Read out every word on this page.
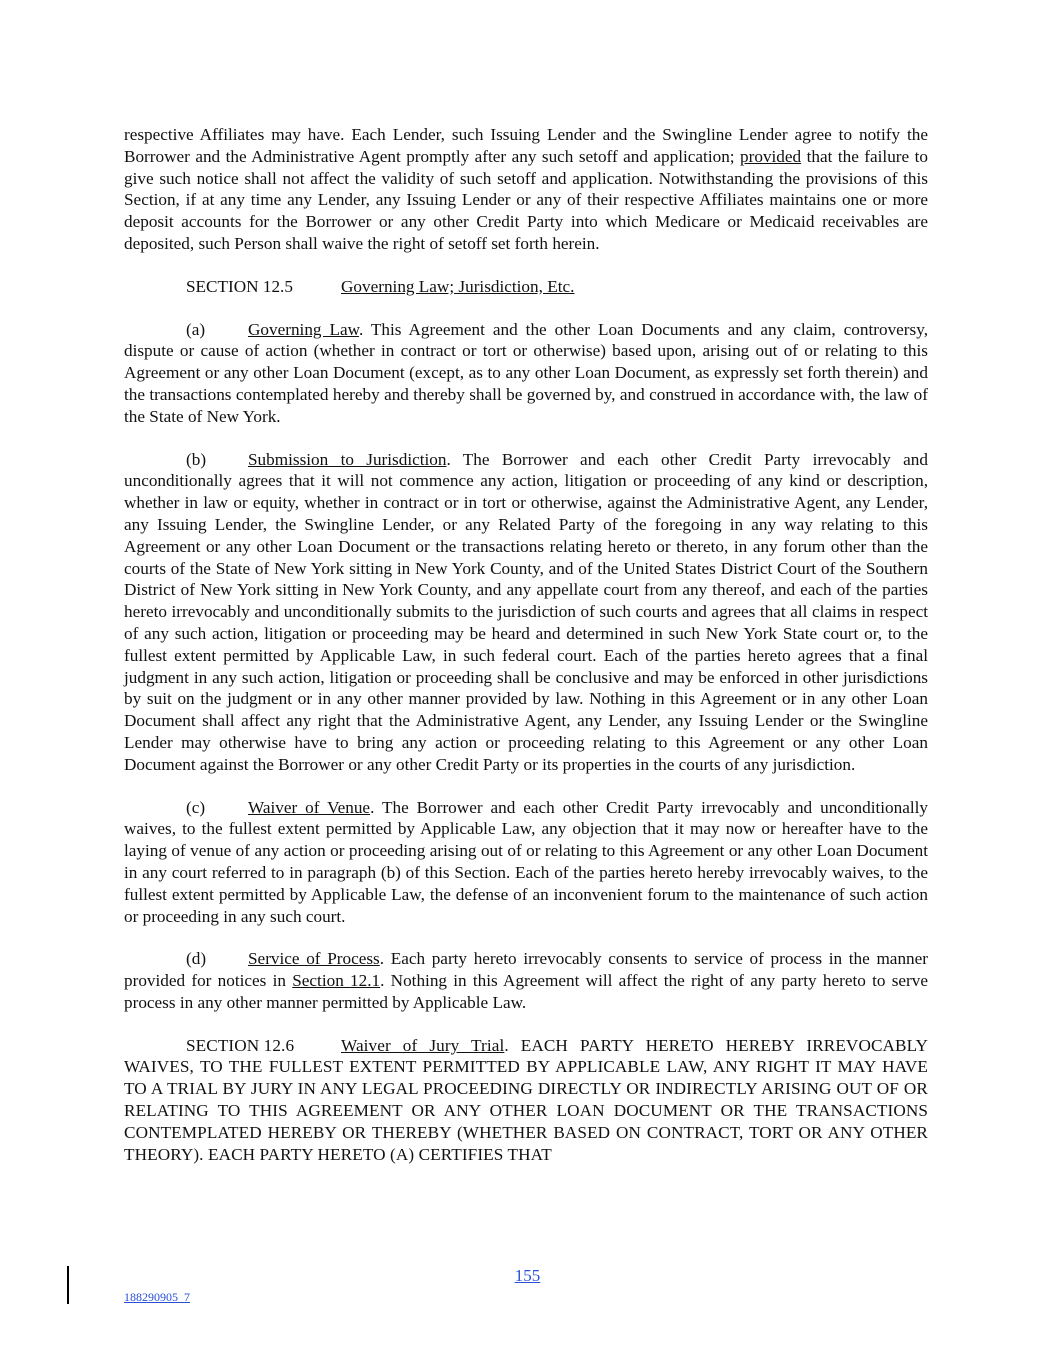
respective Affiliates may have. Each Lender, such Issuing Lender and the Swingline Lender agree to notify the Borrower and the Administrative Agent promptly after any such setoff and application; provided that the failure to give such notice shall not affect the validity of such setoff and application. Notwithstanding the provisions of this Section, if at any time any Lender, any Issuing Lender or any of their respective Affiliates maintains one or more deposit accounts for the Borrower or any other Credit Party into which Medicare or Medicaid receivables are deposited, such Person shall waive the right of setoff set forth herein.

SECTION 12.5	Governing Law; Jurisdiction, Etc.

(a) Governing Law. This Agreement and the other Loan Documents and any claim, controversy, dispute or cause of action (whether in contract or tort or otherwise) based upon, arising out of or relating to this Agreement or any other Loan Document (except, as to any other Loan Document, as expressly set forth therein) and the transactions contemplated hereby and thereby shall be governed by, and construed in accordance with, the law of the State of New York.

(b) Submission to Jurisdiction. The Borrower and each other Credit Party irrevocably and unconditionally agrees that it will not commence any action, litigation or proceeding of any kind or description, whether in law or equity, whether in contract or in tort or otherwise, against the Administrative Agent, any Lender, any Issuing Lender, the Swingline Lender, or any Related Party of the foregoing in any way relating to this Agreement or any other Loan Document or the transactions relating hereto or thereto, in any forum other than the courts of the State of New York sitting in New York County, and of the United States District Court of the Southern District of New York sitting in New York County, and any appellate court from any thereof, and each of the parties hereto irrevocably and unconditionally submits to the jurisdiction of such courts and agrees that all claims in respect of any such action, litigation or proceeding may be heard and determined in such New York State court or, to the fullest extent permitted by Applicable Law, in such federal court. Each of the parties hereto agrees that a final judgment in any such action, litigation or proceeding shall be conclusive and may be enforced in other jurisdictions by suit on the judgment or in any other manner provided by law. Nothing in this Agreement or in any other Loan Document shall affect any right that the Administrative Agent, any Lender, any Issuing Lender or the Swingline Lender may otherwise have to bring any action or proceeding relating to this Agreement or any other Loan Document against the Borrower or any other Credit Party or its properties in the courts of any jurisdiction.

(c) Waiver of Venue. The Borrower and each other Credit Party irrevocably and unconditionally waives, to the fullest extent permitted by Applicable Law, any objection that it may now or hereafter have to the laying of venue of any action or proceeding arising out of or relating to this Agreement or any other Loan Document in any court referred to in paragraph (b) of this Section. Each of the parties hereto hereby irrevocably waives, to the fullest extent permitted by Applicable Law, the defense of an inconvenient forum to the maintenance of such action or proceeding in any such court.

(d) Service of Process. Each party hereto irrevocably consents to service of process in the manner provided for notices in Section 12.1. Nothing in this Agreement will affect the right of any party hereto to serve process in any other manner permitted by Applicable Law.

SECTION 12.6	Waiver of Jury Trial. EACH PARTY HERETO HEREBY IRREVOCABLY WAIVES, TO THE FULLEST EXTENT PERMITTED BY APPLICABLE LAW, ANY RIGHT IT MAY HAVE TO A TRIAL BY JURY IN ANY LEGAL PROCEEDING DIRECTLY OR INDIRECTLY ARISING OUT OF OR RELATING TO THIS AGREEMENT OR ANY OTHER LOAN DOCUMENT OR THE TRANSACTIONS CONTEMPLATED HEREBY OR THEREBY (WHETHER BASED ON CONTRACT, TORT OR ANY OTHER THEORY). EACH PARTY HERETO (A) CERTIFIES THAT

155
188290905_7
